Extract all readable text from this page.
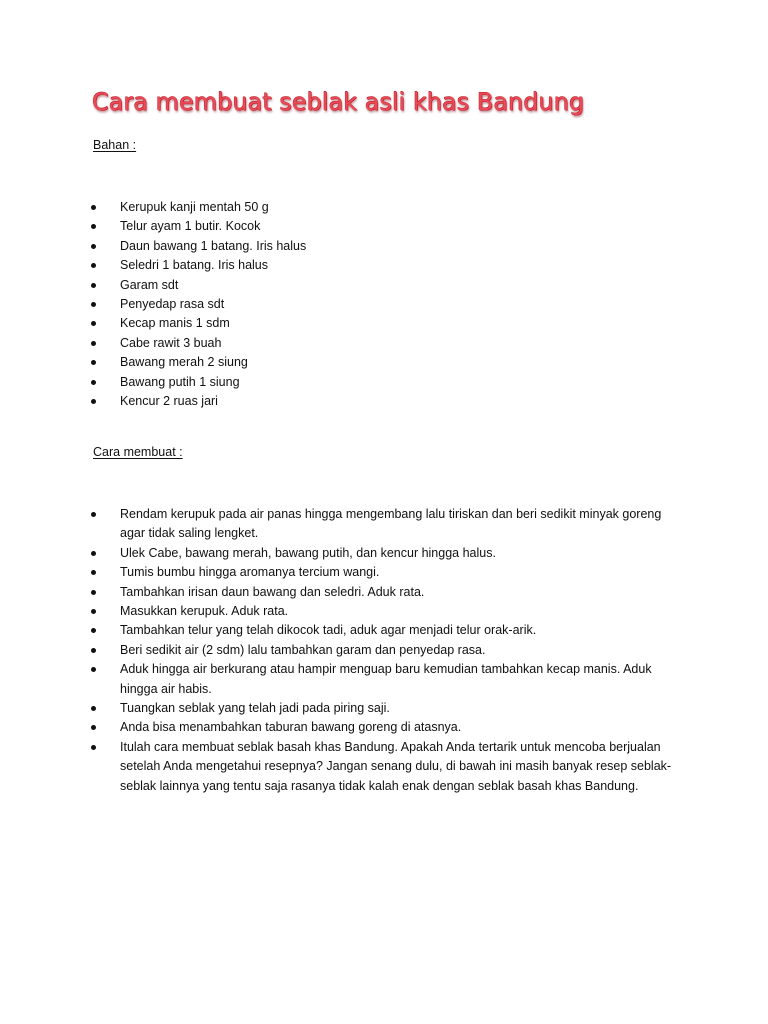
Cara membuat seblak asli khas Bandung
Bahan :
Kerupuk kanji mentah 50 g
Telur ayam 1 butir. Kocok
Daun bawang 1 batang. Iris halus
Seledri 1 batang. Iris halus
Garam sdt
Penyedap rasa sdt
Kecap manis 1 sdm
Cabe rawit 3 buah
Bawang merah 2 siung
Bawang putih 1 siung
Kencur 2 ruas jari
Cara membuat :
Rendam kerupuk pada air panas hingga mengembang lalu tiriskan dan beri sedikit minyak goreng agar tidak saling lengket.
Ulek Cabe, bawang merah, bawang putih, dan kencur hingga halus.
Tumis bumbu hingga aromanya tercium wangi.
Tambahkan irisan daun bawang dan seledri. Aduk rata.
Masukkan kerupuk. Aduk rata.
Tambahkan telur yang telah dikocok tadi, aduk agar menjadi telur orak-arik.
Beri sedikit air (2 sdm) lalu tambahkan garam dan penyedap rasa.
Aduk hingga air berkurang atau hampir menguap baru kemudian tambahkan kecap manis. Aduk hingga air habis.
Tuangkan seblak yang telah jadi pada piring saji.
Anda bisa menambahkan taburan bawang goreng di atasnya.
Itulah cara membuat seblak basah khas Bandung. Apakah Anda tertarik untuk mencoba berjualan setelah Anda mengetahui resepnya? Jangan senang dulu, di bawah ini masih banyak resep seblak-seblak lainnya yang tentu saja rasanya tidak kalah enak dengan seblak basah khas Bandung.
